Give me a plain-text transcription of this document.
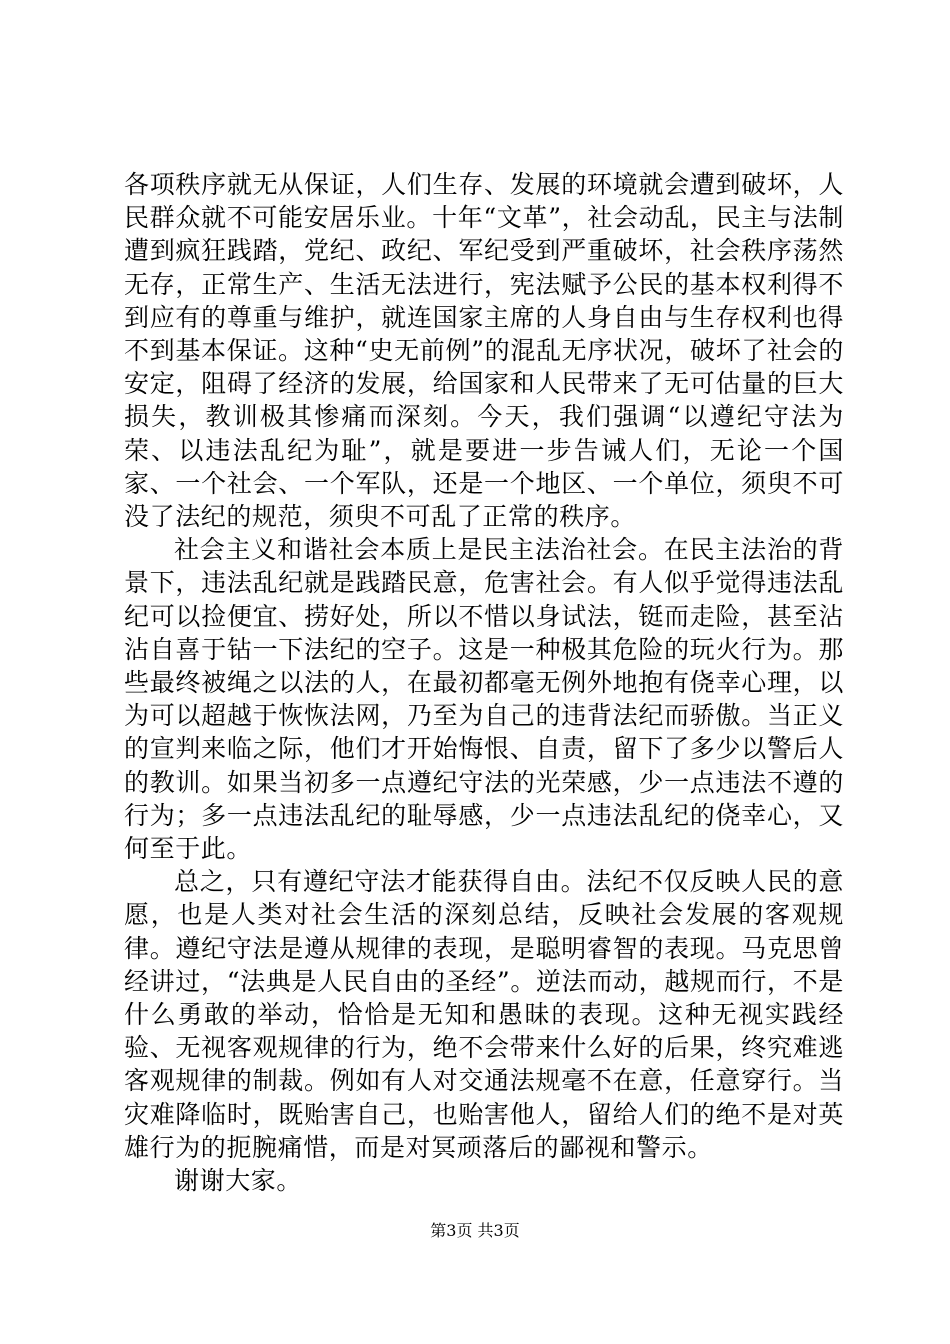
各项秩序就无从保证，人们生存、发展的环境就会遭到破坏，人民群众就不可能安居乐业。十年“文革”，社会动乱，民主与法制遭到疯狂践踏，党纪、政纪、军纪受到严重破坏，社会秩序荡然无存，正常生产、生活无法进行，宪法赋予公民的基本权利得不到应有的尊重与维护，就连国家主席的人身自由与生存权利也得不到基本保证。这种“史无前例”的混乱无序状况，破坏了社会的安定，阻碍了经济的发展，给国家和人民带来了无可估量的巨大损失，教训极其惨痛而深刻。今天，我们强调“以遵纪守法为荣、以违法乱纪为耻”，就是要进一步告诫人们，无论一个国家、一个社会、一个军队，还是一个地区、一个单位，须臾不可没了法纪的规范，须臾不可乱了正常的秩序。

社会主义和谐社会本质上是民主法治社会。在民主法治的背景下，违法乱纪就是践踏民意，危害社会。有人似乎觉得违法乱纪可以捡便宜、捞好处，所以不惜以身试法，铤而走险，甚至沾沾自喜于钻一下法纪的空子。这是一种极其危险的玩火行为。那些最终被绳之以法的人，在最初都毫无例外地抱有侥幸心理，以为可以超越于恢恢法网，乃至为自己的违背法纪而骄傲。当正义的宣判来临之际，他们才开始悔恨、自责，留下了多少以警后人的教训。如果当初多一点遵纪守法的光荣感，少一点违法不遵的行为；多一点违法乱纪的耻辱感，少一点违法乱纪的侥幸心，又何至于此。

总之，只有遵纪守法才能获得自由。法纪不仅反映人民的意愿，也是人类对社会生活的深刻总结，反映社会发展的客观规律。遵纪守法是遵从规律的表现，是聪明睿智的表现。马克思曾经讲过，“法典是人民自由的圣经”。逆法而动，越规而行，不是什么勇敢的举动，恰恰是无知和愚昧的表现。这种无视实践经验、无视客观规律的行为，绝不会带来什么好的后果，终究难逃客观规律的制裁。例如有人对交通法规毫不在意，任意穿行。当灾难降临时，既贻害自己，也贻害他人，留给人们的绝不是对英雄行为的扼腕痛惜，而是对冥顽落后的鄙视和警示。

谢谢大家。

第3页 共3页
